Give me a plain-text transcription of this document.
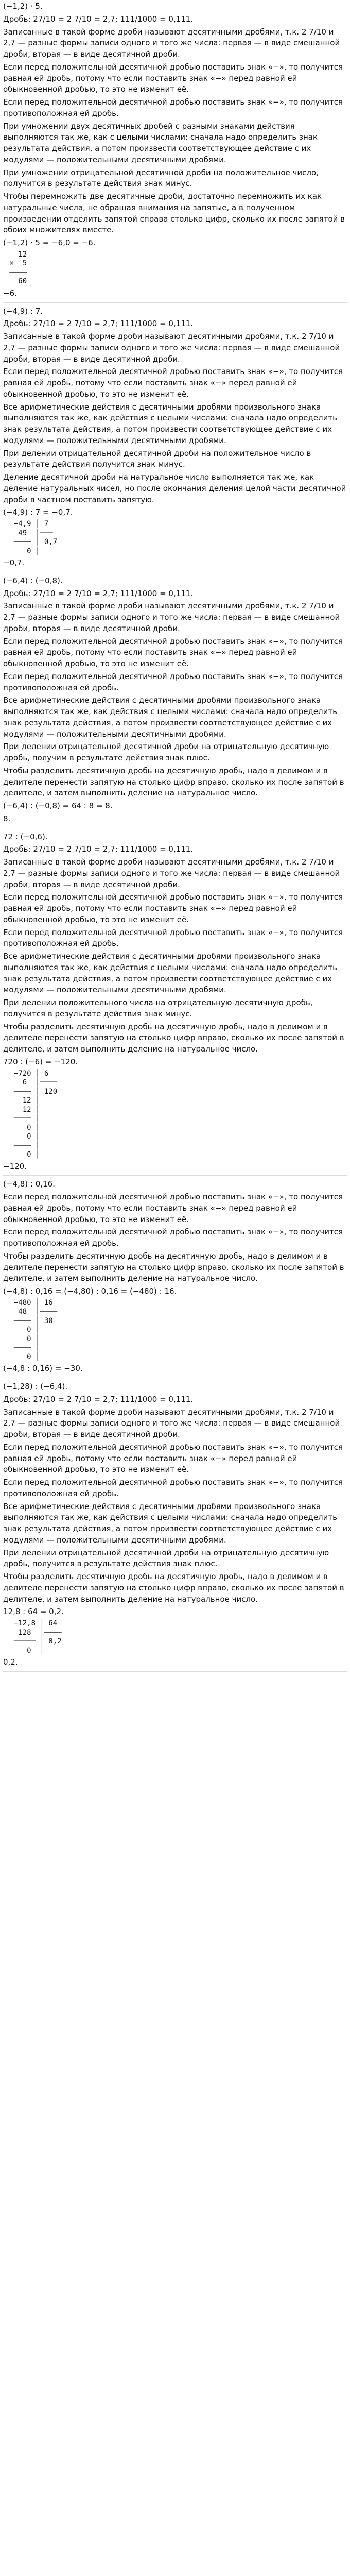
(−1,2) · 5.
Дробь: 27/10 = 2 7/10 = 2,7; 111/1000 = 0,111.
Записанные в такой форме дроби называют десятичными дробями, т.к. 2 7/10 и 2,7 — разные формы записи одного и того же числа: первая — в виде смешанной дроби, вторая — в виде десятичной дроби.
Если перед положительной десятичной дробью поставить знак «−», то получится равная ей дробь, потому что если поставить знак «−» перед равной ей обыкновенной дробью, то это не изменит её.
Если перед положительной десятичной дробью поставить знак «−», то получится противоположная ей дробь.
При умножении двух десятичных дробей с разными знаками действия выполняются так же, как с целыми числами: сначала надо определить знак результата действия, а потом произвести соответствующее действие с их модулями — положительными десятичными дробями.
При умножении отрицательной десятичной дроби на положительное число, получится в результате действия знак минус.
Чтобы перемножить две десятичные дроби, достаточно перемножить их как натуральные числа, не обращая внимания на запятые, а в полученном произведении отделить запятой справа столько цифр, сколько их после запятой в обоих множителях вместе.
(−1,2) · 5 = −6,0 = −6.
12
×  5
────
60
−6.
(−4,9) : 7.
Дробь: 27/10 = 2 7/10 = 2,7; 111/1000 = 0,111.
Записанные в такой форме дроби называют десятичными дробями, т.к. 2 7/10 и 2,7 — разные формы записи одного и того же числа: первая — в виде смешанной дроби, вторая — в виде десятичной дроби.
Если перед положительной десятичной дробью поставить знак «−», то получится равная ей дробь, потому что если поставить знак «−» перед равной ей обыкновенной дробью, то это не изменит её.
Все арифметические действия с десятичными дробями произвольного знака выполняются так же, как действия с целыми числами: сначала надо определить знак результата действия, а потом произвести соответствующее действие с их модулями — положительными десятичными дробями.
При делении отрицательной десятичной дроби на положительное число в результате действия получится знак минус.
Деление десятичной дроби на натуральное число выполняется так же, как деление натуральных чисел, но после окончания деления целой части десятичной дроби в частном поставить запятую.
(−4,9) : 7 = −0,7.
−4,9 │ 7
49  │───
──── │ 0,7
0 │
−0,7.
(−6,4) : (−0,8).
Дробь: 27/10 = 2 7/10 = 2,7; 111/1000 = 0,111.
Записанные в такой форме дроби называют десятичными дробями, т.к. 2 7/10 и 2,7 — разные формы записи одного и того же числа: первая — в виде смешанной дроби, вторая — в виде десятичной дроби.
Если перед положительной десятичной дробью поставить знак «−», то получится равная ей дробь, потому что если поставить знак «−» перед равной ей обыкновенной дробью, то это не изменит её.
Если перед положительной десятичной дробью поставить знак «−», то получится противоположная ей дробь.
Все арифметические действия с десятичными дробями произвольного знака выполняются так же, как действия с целыми числами: сначала надо определить знак результата действия, а потом произвести соответствующее действие с их модулями — положительными десятичными дробями.
При делении отрицательной десятичной дроби на отрицательную десятичную дробь, получим в результате действия знак плюс.
Чтобы разделить десятичную дробь на десятичную дробь, надо в делимом и в делителе перенести запятую на столько цифр вправо, сколько их после запятой в делителе, и затем выполнить деление на натуральное число.
(−6,4) : (−0,8) = 64 : 8 = 8.
8.
72 : (−0,6).
Дробь: 27/10 = 2 7/10 = 2,7; 111/1000 = 0,111.
Записанные в такой форме дроби называют десятичными дробями, т.к. 2 7/10 и 2,7 — разные формы записи одного и того же числа: первая — в виде смешанной дроби, вторая — в виде десятичной дроби.
Если перед положительной десятичной дробью поставить знак «−», то получится равная ей дробь, потому что если поставить знак «−» перед равной ей обыкновенной дробью, то это не изменит её.
Если перед положительной десятичной дробью поставить знак «−», то получится противоположная ей дробь.
Все арифметические действия с десятичными дробями произвольного знака выполняются так же, как действия с целыми числами: сначала надо определить знак результата действия, а потом произвести соответствующее действие с их модулями — положительными десятичными дробями.
При делении положительного числа на отрицательную десятичную дробь, получится в результате действия знак минус.
Чтобы разделить десятичную дробь на десятичную дробь, надо в делимом и в делителе перенести запятую на столько цифр вправо, сколько их после запятой в делителе, и затем выполнить деление на натуральное число.
720 : (−6) = −120.
−720 │ 6
6  │────
──── │ 120
12 │
12 │
──── │
0 │
0 │
──── │
0 │
−120.
(−4,8) : 0,16.
Если перед положительной десятичной дробью поставить знак «−», то получится равная ей дробь, потому что если поставить знак «−» перед равной ей обыкновенной дробью, то это не изменит её.
Если перед положительной десятичной дробью поставить знак «−», то получится противоположная ей дробь.
Чтобы разделить десятичную дробь на десятичную дробь, надо в делимом и в делителе перенести запятую на столько цифр вправо, сколько их после запятой в делителе, и затем выполнить деление на натуральное число.
(−4,8) : 0,16 = (−4,80) : 0,16 = (−480) : 16.
−480 │ 16
48  │────
──── │ 30
0 │
0 │
──── │
0 │
(−4,8 : 0,16) = −30.
(−1,28) : (−6,4).
Дробь: 27/10 = 2 7/10 = 2,7; 111/1000 = 0,111.
Записанные в такой форме дроби называют десятичными дробями, т.к. 2 7/10 и 2,7 — разные формы записи одного и того же числа: первая — в виде смешанной дроби, вторая — в виде десятичной дроби.
Если перед положительной десятичной дробью поставить знак «−», то получится равная ей дробь, потому что если поставить знак «−» перед равной ей обыкновенной дробью, то это не изменит её.
Если перед положительной десятичной дробью поставить знак «−», то получится противоположная ей дробь.
Все арифметические действия с десятичными дробями произвольного знака выполняются так же, как действия с целыми числами: сначала надо определить знак результата действия, а потом произвести соответствующее действие с их модулями — положительными десятичными дробями.
При делении отрицательной десятичной дроби на отрицательную десятичную дробь, получится в результате действия знак плюс.
Чтобы разделить десятичную дробь на десятичную дробь, надо в делимом и в делителе перенести запятую на столько цифр вправо, сколько их после запятой в делителе, и затем выполнить деление на натуральное число.
12,8 : 64 = 0,2.
−12,8 │ 64
128  │────
───── │ 0,2
0  │
0,2.
